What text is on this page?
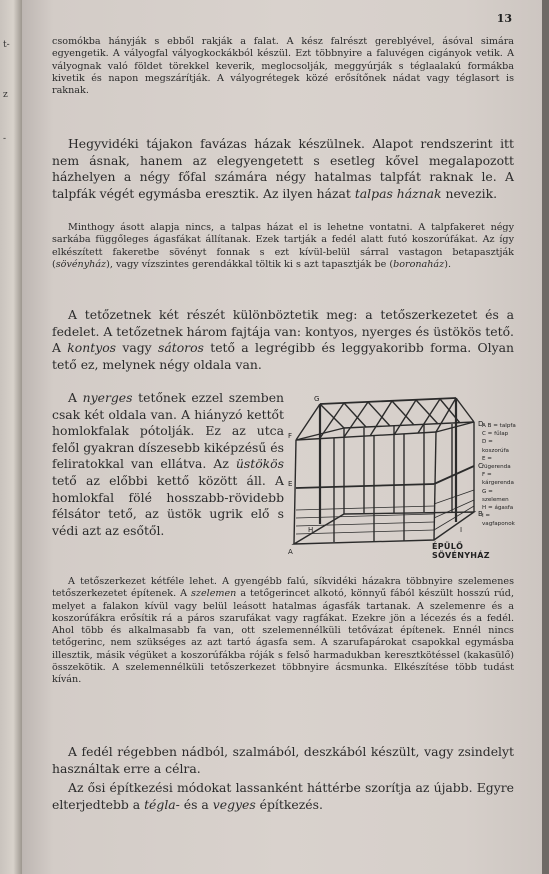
t-
z
-
13

csomókba hányják s ebből rakják a falat. A kész falrészt gereblyével, ásóval simára egyengetik. A vályogfal vályogkockákból készül. Ezt többnyire a faluvégen cigányok vetik. A vályognak való földet törekkel keverik, meglocsolják, meggyúrják s téglaalakú formákba kivetik és napon megszárítják. A vályogrétegek közé erősítőnek nádat vagy téglasort is raknak.

Hegyvidéki tájakon favázas házak készülnek. Alapot rendszerint itt nem ásnak, hanem az elegyengetett s esetleg kővel megalapozott házhelyen a négy főfal számára négy hatalmas talpfát raknak le. A talpfák végét egymásba eresztik. Az ilyen házat talpas háznak nevezik.

Minthogy ásott alapja nincs, a talpas házat el is lehetne vontatni. A talpfakeret négy sarkába függőleges ágasfákat állítanak. Ezek tartják a fedél alatt futó koszorúfákat. Az így elkészített fakeretbe sövényt fonnak s ezt kívül-belül sárral vastagon betapasztják (sövényház), vagy vízszintes gerendákkal töltik ki s azt tapasztják be (boronaház).

A tetőzetnek két részét különböztetik meg: a tetőszerkezetet és a fedelet. A tetőzetnek három fajtája van: kontyos, nyerges és üstökös tető. A kontyos vagy sátoros tető a legrégibb és leggyakoribb forma. Olyan tető ez, melynek négy oldala van.

A nyerges tetőnek ezzel szemben csak két oldala van. A hiányzó kettőt homlokfalak pótolják. Ez az utca felől gyakran díszesebb kiképzésű és feliratokkal van ellátva. Az üstökös tető az előbbi kettő között áll. A homlokfal fölé hosszabb-rövidebb félsátor tető, az üstök ugrik elő s védi azt az esőtől.

G
F
E
D
C
B
H	I
A
A B = talpfa
C = fűlap
D = koszorúfa
E = fügerenda
F = kárgerenda
G = szelemen
H = ágasfa
I = vagfaponok
ÉPÜLŐ SÖVÉNYHÁZ

A tetőszerkezet kétféle lehet. A gyengébb falú, síkvidéki házakra többnyire szelemenes tetőszerkezetet építenek. A szelemen a tetőgerincet alkotó, könnyű fából készült hosszú rúd, melyet a falakon kívül vagy belül leásott hatalmas ágasfák tartanak. A szelemenre és a koszorúfákra erősítik rá a páros szarufákat vagy ragfákat. Ezekre jön a lécezés és a fedél. Ahol több és alkalmasabb fa van, ott szelemennélküli tetővázat építenek. Ennél nincs tetőgerinc, nem szükséges az azt tartó ágasfa sem. A szarufapárokat csapokkal egymásba illesztik, másik végüket a koszorúfákba róják s felső harmadukban keresztkötéssel (kakasülő) összekötik. A szelemennélküli tetőszerkezet többnyire ácsmunka. Elkészítése több tudást kíván.

A fedél régebben nádból, szalmából, deszkából készült, vagy zsindelyt használtak erre a célra.

Az ősi építkezési módokat lassanként háttérbe szorítja az újabb. Egyre elterjedtebb a tégla- és a vegyes építkezés.
